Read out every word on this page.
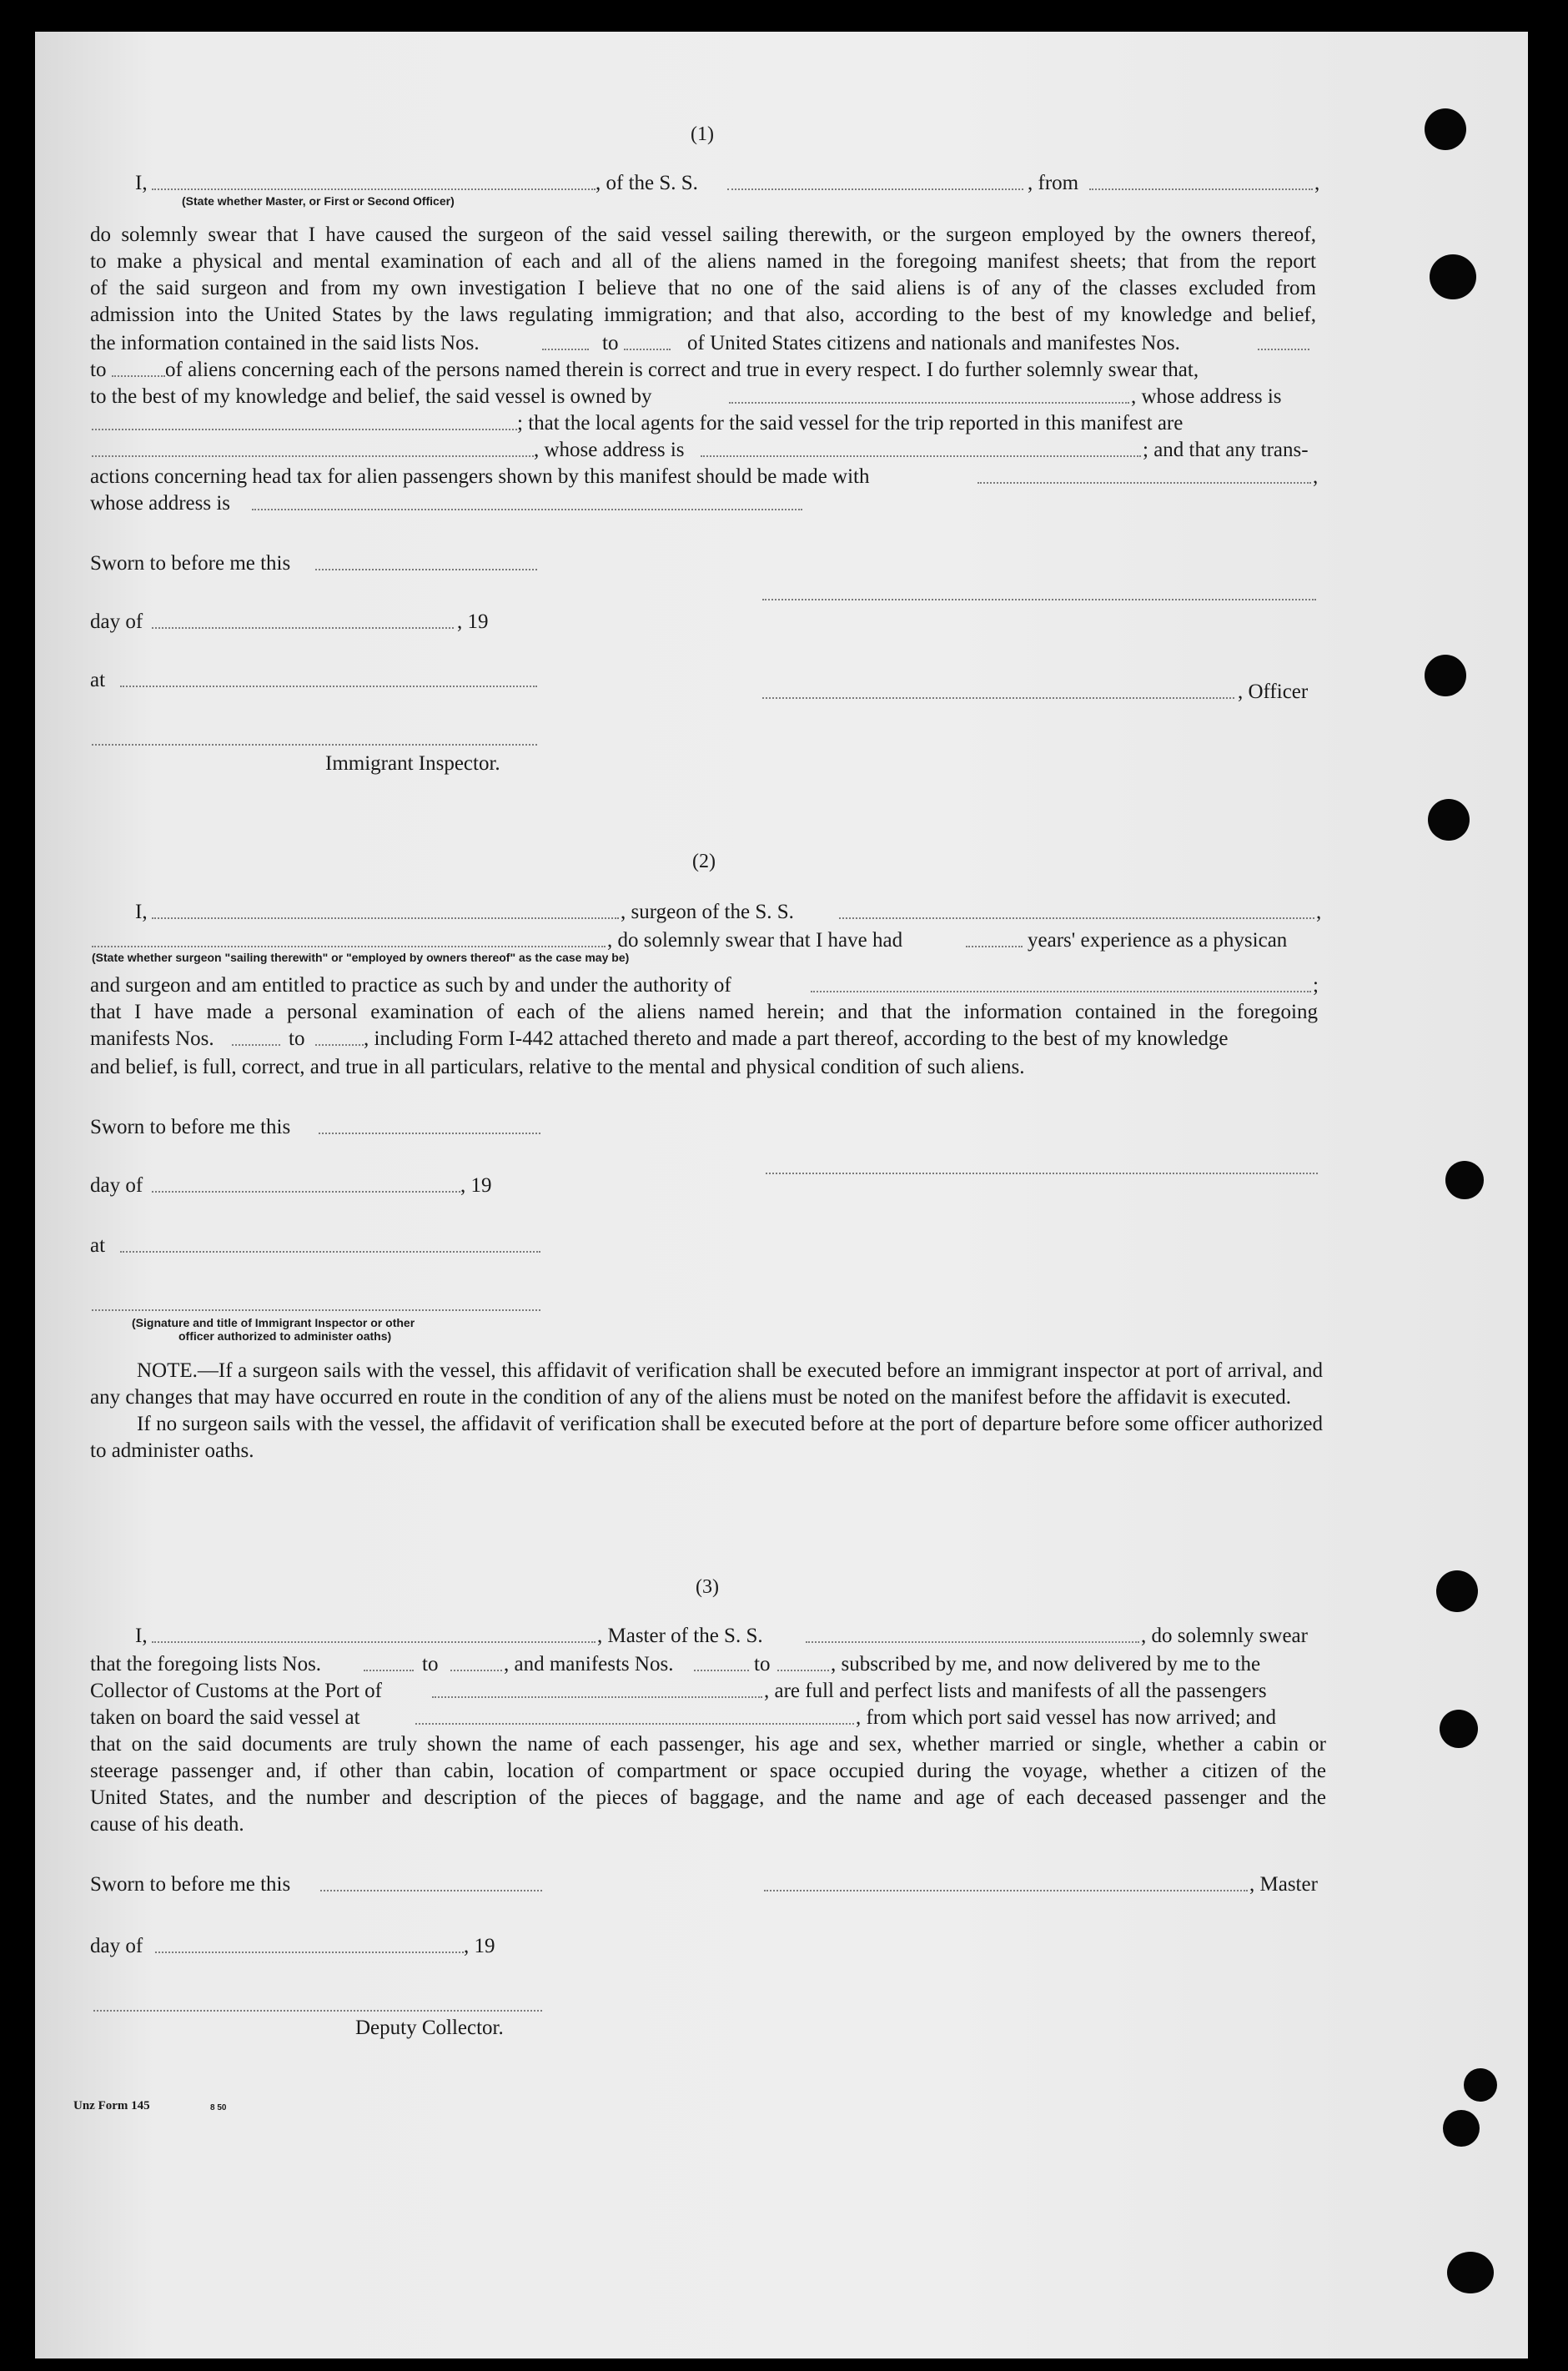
(1)
I,
(State whether Master, or First or Second Officer)
, of the S. S.	, from	,

do solemnly swear that I have caused the surgeon of the said vessel sailing therewith, or the surgeon employed by the owners thereof,

to make a physical and mental examination of each and all of the aliens named in the foregoing manifest sheets; that from the report

of the said surgeon and from my own investigation I believe that no one of the said aliens is of any of the classes excluded from

admission into the United States by the laws regulating immigration; and that also, according to the best of my knowledge and belief,

the information contained in the said lists Nos.	to	of United States citizens and nationals and manifestes Nos.
to	of aliens concerning each of the persons named therein is correct and true in every respect. I do further solemnly swear that,
to the best of my knowledge and belief, the said vessel is owned by	, whose address is
; that the local agents for the said vessel for the trip reported in this manifest are
, whose address is	; and that any trans-
actions concerning head tax for alien passengers shown by this manifest should be made with	,
whose address is
Sworn to before me this
day of	, 19
at
, Officer
Immigrant Inspector.
(2)
I,	, surgeon of the S. S.	,
, do solemnly swear that I have had	years' experience as a physican
(State whether surgeon "sailing therewith" or "employed by owners thereof" as the case may be)
and surgeon and am entitled to practice as such by and under the authority of	;

that I have made a personal examination of each of the aliens named herein; and that the information contained in the foregoing

manifests Nos.	to	, including Form I-442 attached thereto and made a part thereof, according to the best of my knowledge
and belief, is full, correct, and true in all particulars, relative to the mental and physical condition of such aliens.
Sworn to before me this
day of	, 19
at
(Signature and title of Immigrant Inspector or other
officer authorized to administer oaths)

NOTE.—If a surgeon sails with the vessel, this affidavit of verification shall be executed before an immigrant inspector at port of arrival, and any changes that may have occurred en route in the condition of any of the aliens must be noted on the manifest before the affidavit is executed.

If no surgeon sails with the vessel, the affidavit of verification shall be executed before at the port of departure before some officer authorized to administer oaths.

(3)
I,	, Master of the S. S.	, do solemnly swear
that the foregoing lists Nos.	to	, and manifests Nos.	to	, subscribed by me, and now delivered by me to the
Collector of Customs at the Port of	, are full and perfect lists and manifests of all the passengers
taken on board the said vessel at	, from which port said vessel has now arrived; and

that on the said documents are truly shown the name of each passenger, his age and sex, whether married or single, whether a cabin or

steerage passenger and, if other than cabin, location of compartment or space occupied during the voyage, whether a citizen of the

United States, and the number and description of the pieces of baggage, and the name and age of each deceased passenger and the

cause of his death.

Sworn to before me this	, Master
day of	, 19
Deputy Collector.
Unz Form 145	8 50
